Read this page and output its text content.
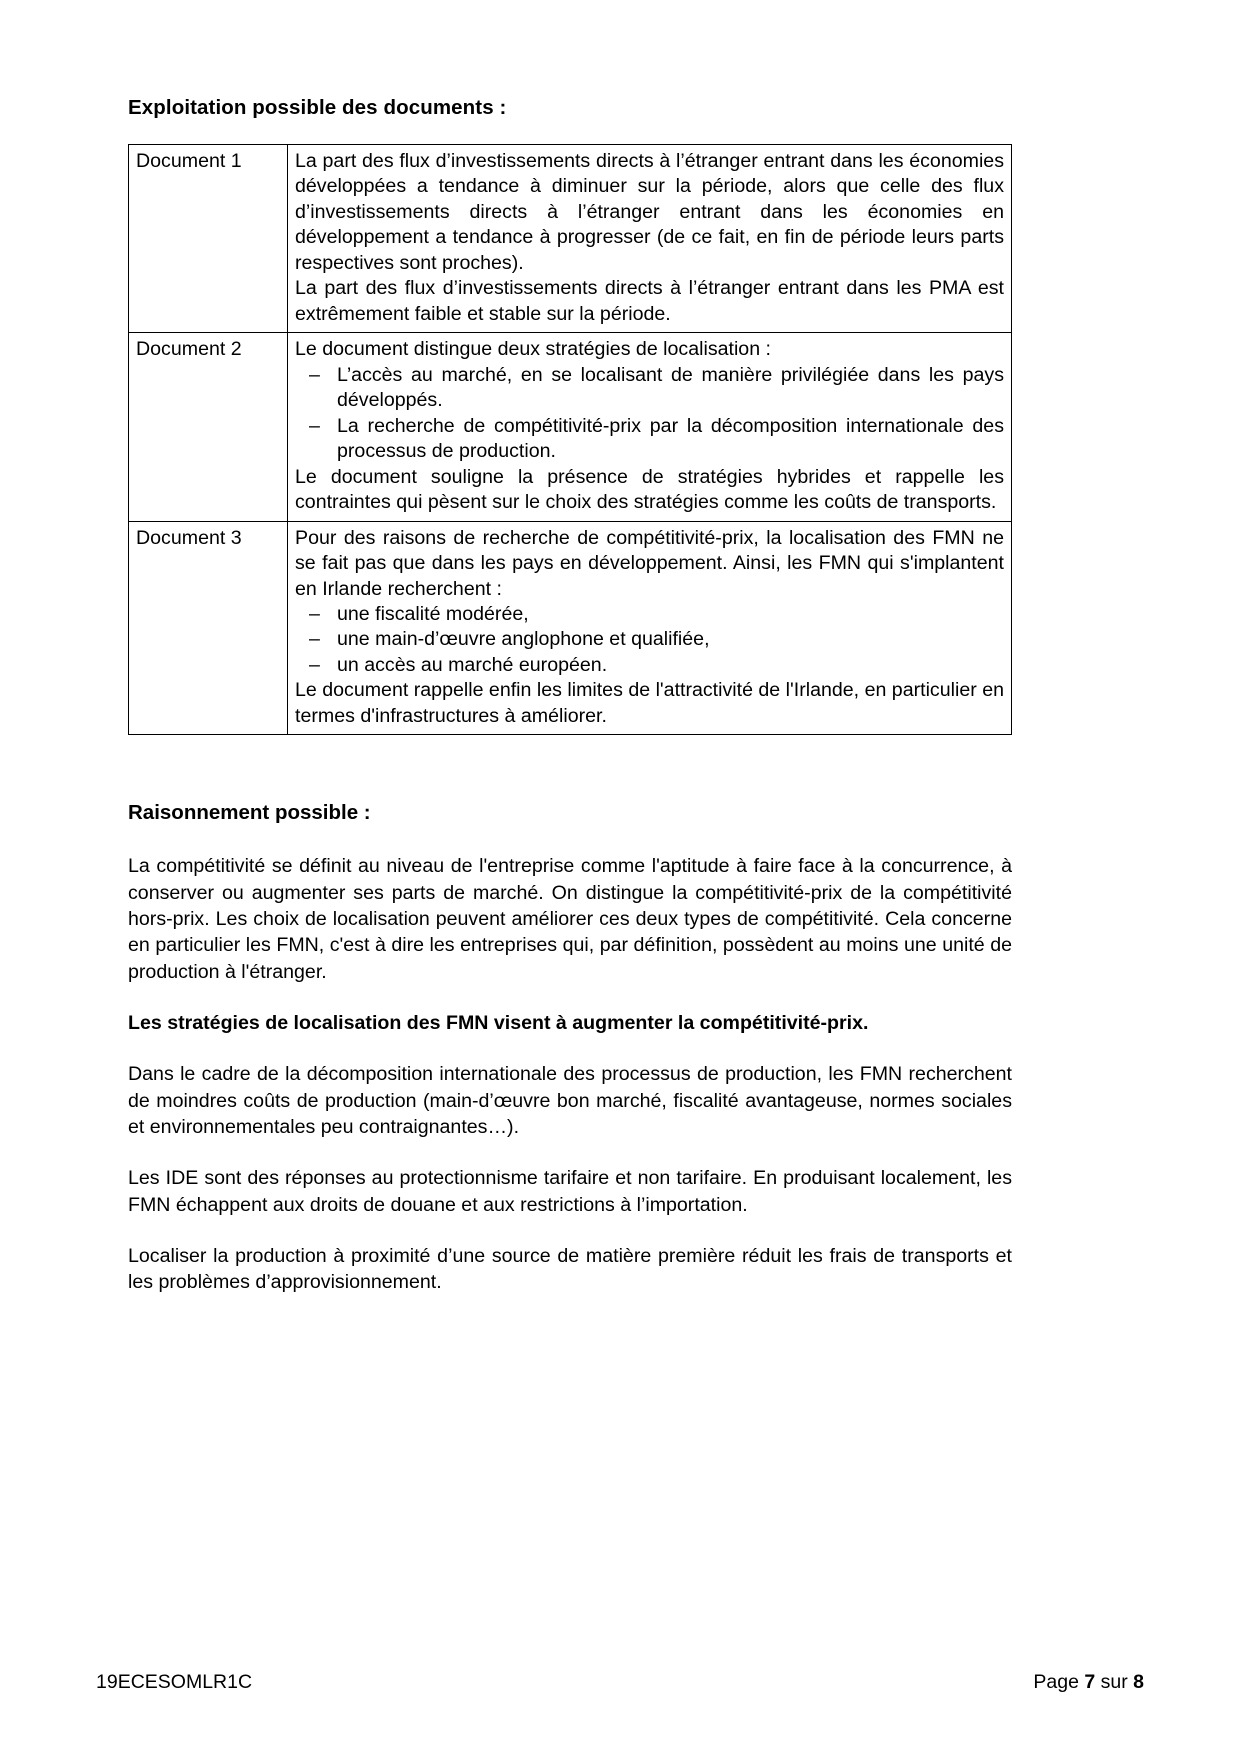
Exploitation possible des documents :
Document 1	La part des flux d’investissements directs à l’étranger entrant dans les économies développées a tendance à diminuer sur la période, alors que celle des flux d’investissements directs à l’étranger entrant dans les économies en développement a tendance à progresser (de ce fait, en fin de période leurs parts respectives sont proches).

La part des flux d’investissements directs à l’étranger entrant dans les PMA est extrêmement faible et stable sur la période.

Document 2	Le document distingue deux stratégies de localisation :

– L’accès au marché, en se localisant de manière privilégiée dans les pays développés.
– La recherche de compétitivité-prix par la décomposition internationale des processus de production.

Le document souligne la présence de stratégies hybrides et rappelle les contraintes qui pèsent sur le choix des stratégies comme les coûts de transports.

Document 3	Pour des raisons de recherche de compétitivité-prix, la localisation des FMN ne se fait pas que dans les pays en développement. Ainsi, les FMN qui s'implantent en Irlande recherchent :

– une fiscalité modérée,
– une main-d’œuvre anglophone et qualifiée,
– un accès au marché européen.

Le document rappelle enfin les limites de l'attractivité de l'Irlande, en particulier en termes d'infrastructures à améliorer.

Raisonnement possible :

La compétitivité se définit au niveau de l'entreprise comme l'aptitude à faire face à la concurrence, à conserver ou augmenter ses parts de marché. On distingue la compétitivité-prix de la compétitivité hors-prix. Les choix de localisation peuvent améliorer ces deux types de compétitivité. Cela concerne en particulier les FMN, c'est à dire les entreprises qui, par définition, possèdent au moins une unité de production à l'étranger.

Les stratégies de localisation des FMN visent à augmenter la compétitivité-prix.

Dans le cadre de la décomposition internationale des processus de production, les FMN recherchent de moindres coûts de production (main-d’œuvre bon marché, fiscalité avantageuse, normes sociales et environnementales peu contraignantes…).

Les IDE sont des réponses au protectionnisme tarifaire et non tarifaire. En produisant localement, les FMN échappent aux droits de douane et aux restrictions à l’importation.

Localiser la production à proximité d’une source de matière première réduit les frais de transports et les problèmes d’approvisionnement.

19ECESOMLR1C	Page 7 sur 8
